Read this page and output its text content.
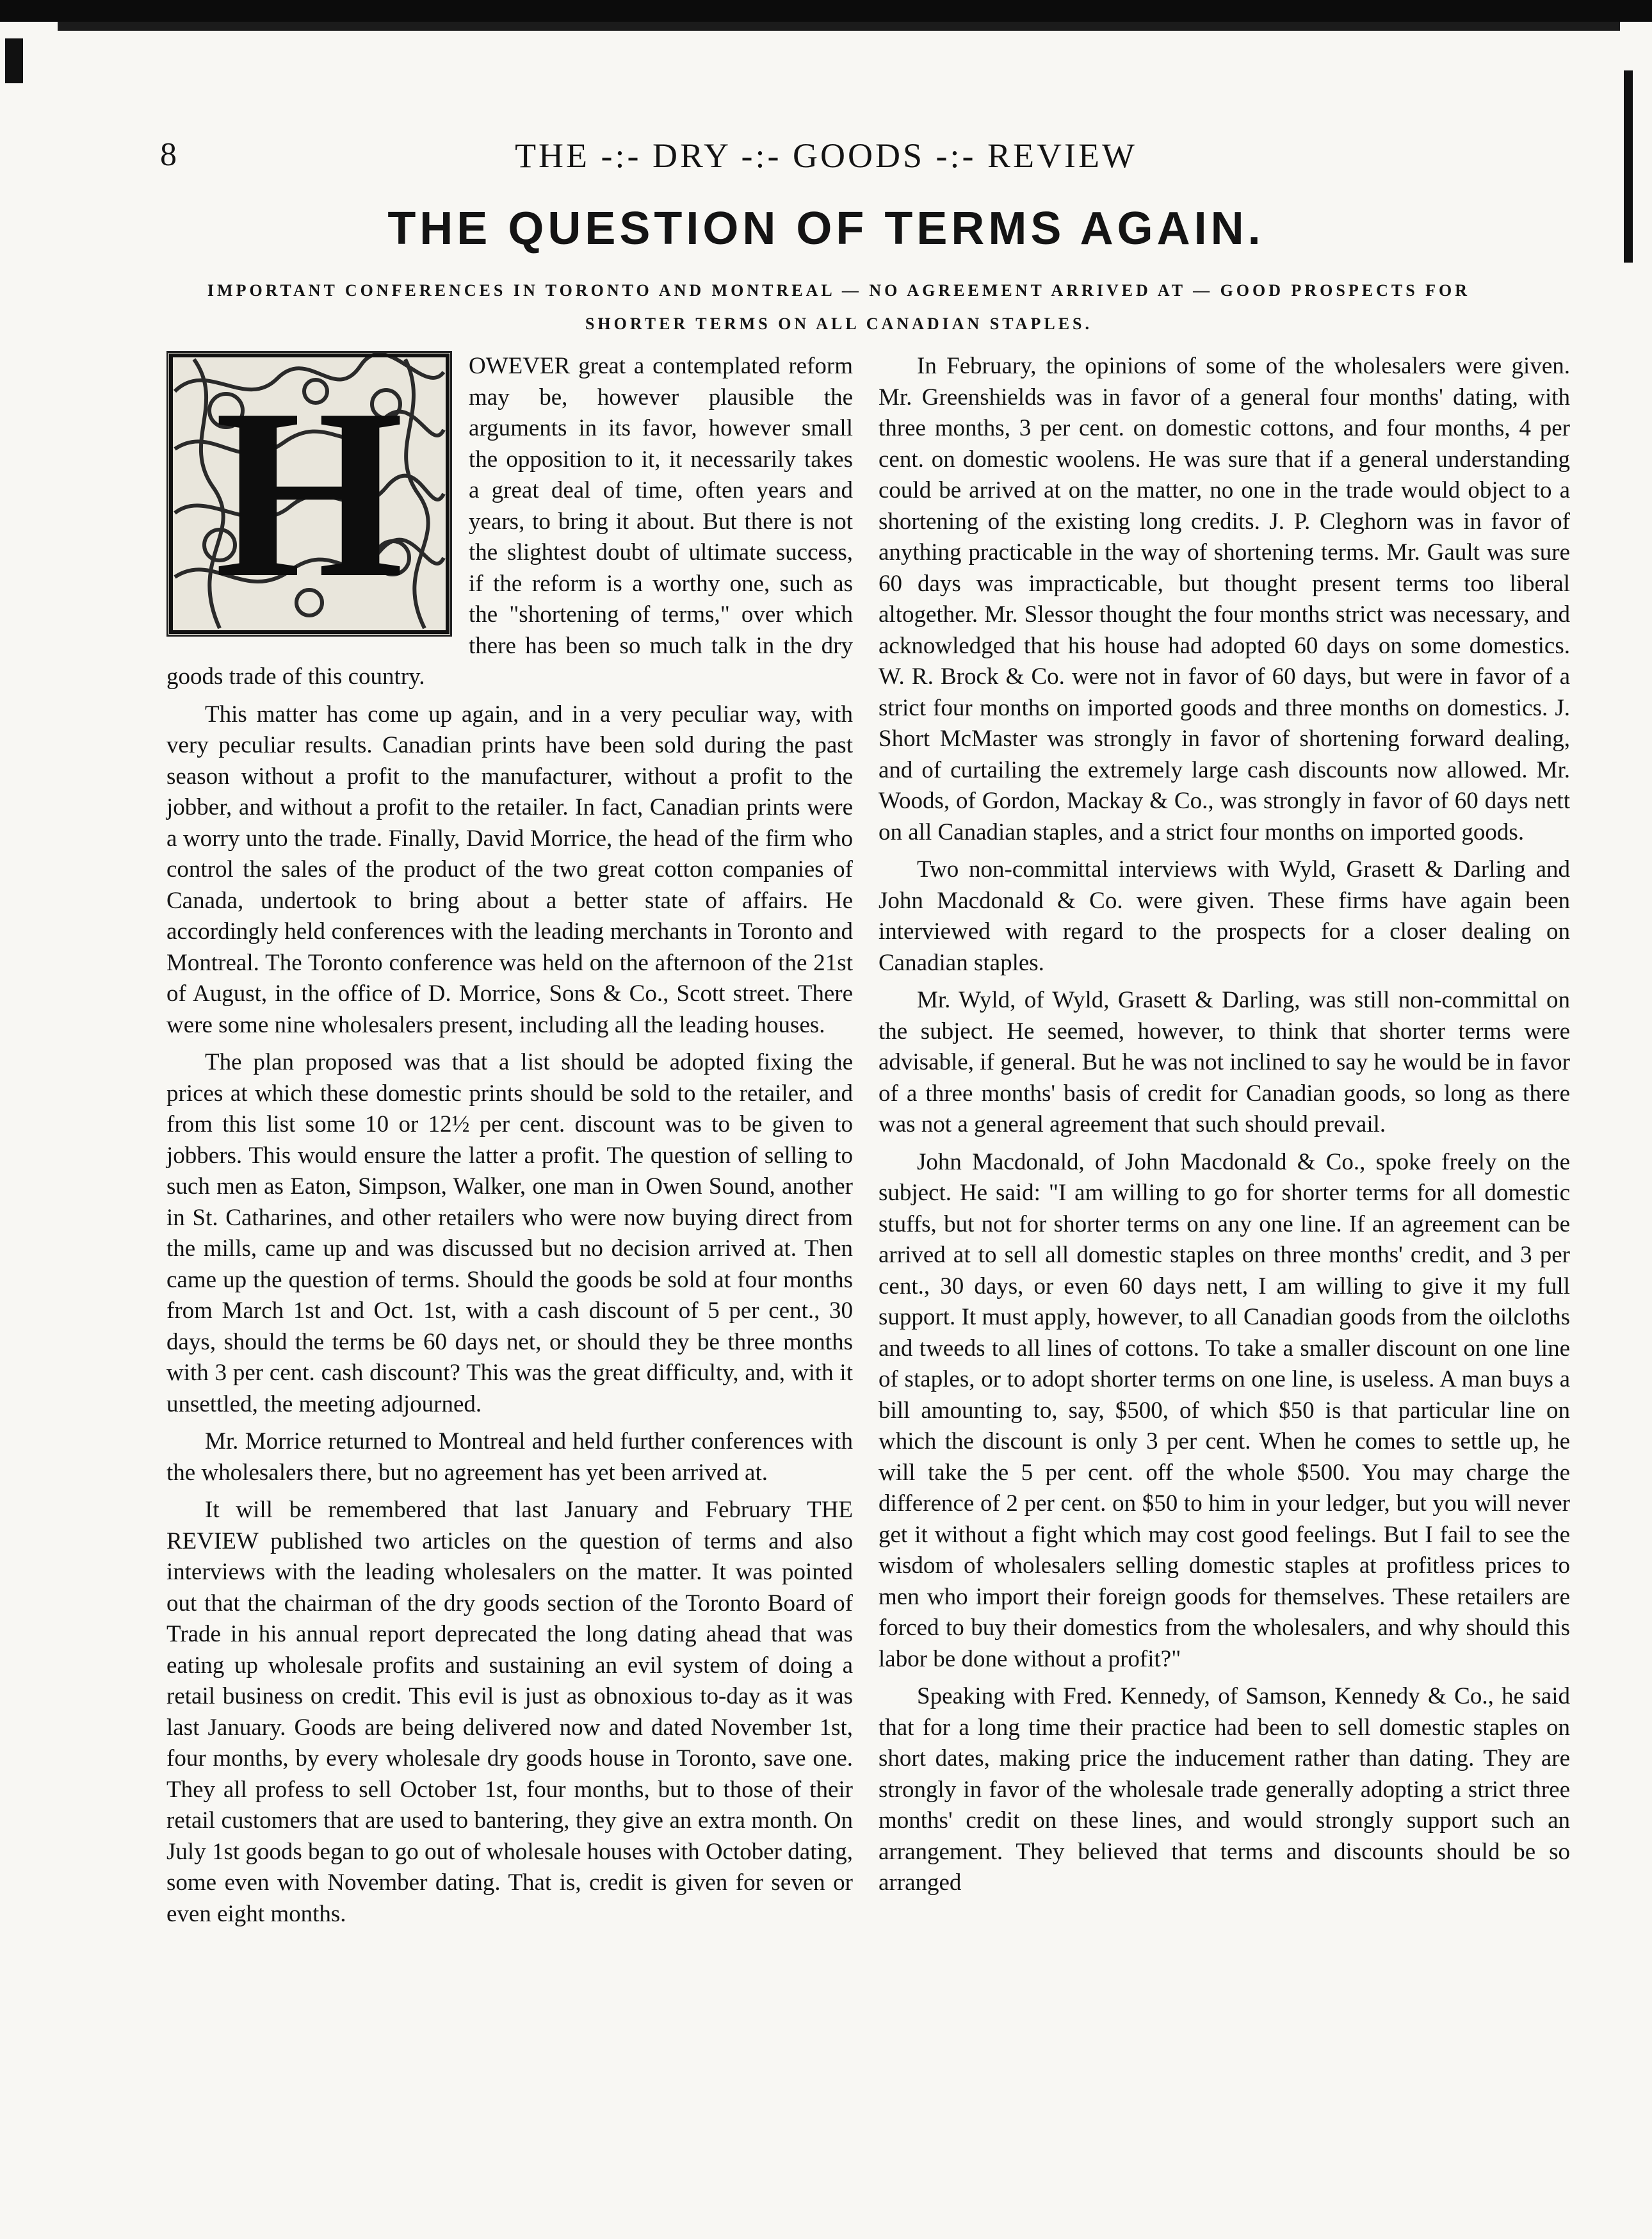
8	THE -:- DRY -:- GOODS -:- REVIEW
THE QUESTION OF TERMS AGAIN.
IMPORTANT CONFERENCES IN TORONTO AND MONTREAL — NO AGREEMENT ARRIVED AT — GOOD PROSPECTS FOR SHORTER TERMS ON ALL CANADIAN STAPLES.
H	OWEVER great a contemplated reform may be, however plausible the arguments in its favor, however small the opposition to it, it necessarily takes a great deal of time, often years and years, to bring it about. But there is not the slightest doubt of ultimate success, if the reform is a worthy one, such as the "shortening of terms," over which there has been so much talk in the dry goods trade of this country.

This matter has come up again, and in a very peculiar way, with very peculiar results. Canadian prints have been sold during the past season without a profit to the manufacturer, without a profit to the jobber, and without a profit to the retailer. In fact, Canadian prints were a worry unto the trade. Finally, David Morrice, the head of the firm who control the sales of the product of the two great cotton companies of Canada, undertook to bring about a better state of affairs. He accordingly held conferences with the leading merchants in Toronto and Montreal. The Toronto conference was held on the afternoon of the 21st of August, in the office of D. Morrice, Sons & Co., Scott street. There were some nine wholesalers present, including all the leading houses.

The plan proposed was that a list should be adopted fixing the prices at which these domestic prints should be sold to the retailer, and from this list some 10 or 12½ per cent. discount was to be given to jobbers. This would ensure the latter a profit. The question of selling to such men as Eaton, Simpson, Walker, one man in Owen Sound, another in St. Catharines, and other retailers who were now buying direct from the mills, came up and was discussed but no decision arrived at. Then came up the question of terms. Should the goods be sold at four months from March 1st and Oct. 1st, with a cash discount of 5 per cent., 30 days, should the terms be 60 days net, or should they be three months with 3 per cent. cash discount? This was the great difficulty, and, with it unsettled, the meeting adjourned.

Mr. Morrice returned to Montreal and held further conferences with the wholesalers there, but no agreement has yet been arrived at.

It will be remembered that last January and February THE REVIEW published two articles on the question of terms and also interviews with the leading wholesalers on the matter. It was pointed out that the chairman of the dry goods section of the Toronto Board of Trade in his annual report deprecated the long dating ahead that was eating up wholesale profits and sustaining an evil system of doing a retail business on credit. This evil is just as obnoxious to-day as it was last January. Goods are being delivered now and dated November 1st, four months, by every wholesale dry goods house in Toronto, save one. They all profess to sell October 1st, four months, but to those of their retail customers that are used to bantering, they give an extra month. On July 1st goods began to go out of wholesale houses with October dating, some even with November dating. That is, credit is given for seven or even eight months.

In February, the opinions of some of the wholesalers were given. Mr. Greenshields was in favor of a general four months' dating, with three months, 3 per cent. on domestic cottons, and four months, 4 per cent. on domestic woolens. He was sure that if a general understanding could be arrived at on the matter, no one in the trade would object to a shortening of the existing long credits. J. P. Cleghorn was in favor of anything practicable in the way of shortening terms. Mr. Gault was sure 60 days was impracticable, but thought present terms too liberal altogether. Mr. Slessor thought the four months strict was necessary, and acknowledged that his house had adopted 60 days on some domestics. W. R. Brock & Co. were not in favor of 60 days, but were in favor of a strict four months on imported goods and three months on domestics. J. Short McMaster was strongly in favor of shortening forward dealing, and of curtailing the extremely large cash discounts now allowed. Mr. Woods, of Gordon, Mackay & Co., was strongly in favor of 60 days nett on all Canadian staples, and a strict four months on imported goods.

Two non-committal interviews with Wyld, Grasett & Darling and John Macdonald & Co. were given. These firms have again been interviewed with regard to the prospects for a closer dealing on Canadian staples.

Mr. Wyld, of Wyld, Grasett & Darling, was still non-committal on the subject. He seemed, however, to think that shorter terms were advisable, if general. But he was not inclined to say he would be in favor of a three months' basis of credit for Canadian goods, so long as there was not a general agreement that such should prevail.

John Macdonald, of John Macdonald & Co., spoke freely on the subject. He said: "I am willing to go for shorter terms for all domestic stuffs, but not for shorter terms on any one line. If an agreement can be arrived at to sell all domestic staples on three months' credit, and 3 per cent., 30 days, or even 60 days nett, I am willing to give it my full support. It must apply, however, to all Canadian goods from the oilcloths and tweeds to all lines of cottons. To take a smaller discount on one line of staples, or to adopt shorter terms on one line, is useless. A man buys a bill amounting to, say, $500, of which $50 is that particular line on which the discount is only 3 per cent. When he comes to settle up, he will take the 5 per cent. off the whole $500. You may charge the difference of 2 per cent. on $50 to him in your ledger, but you will never get it without a fight which may cost good feelings. But I fail to see the wisdom of wholesalers selling domestic staples at profitless prices to men who import their foreign goods for themselves. These retailers are forced to buy their domestics from the wholesalers, and why should this labor be done without a profit?"

Speaking with Fred. Kennedy, of Samson, Kennedy & Co., he said that for a long time their practice had been to sell domestic staples on short dates, making price the inducement rather than dating. They are strongly in favor of the wholesale trade generally adopting a strict three months' credit on these lines, and would strongly support such an arrangement. They believed that terms and discounts should be so arranged
